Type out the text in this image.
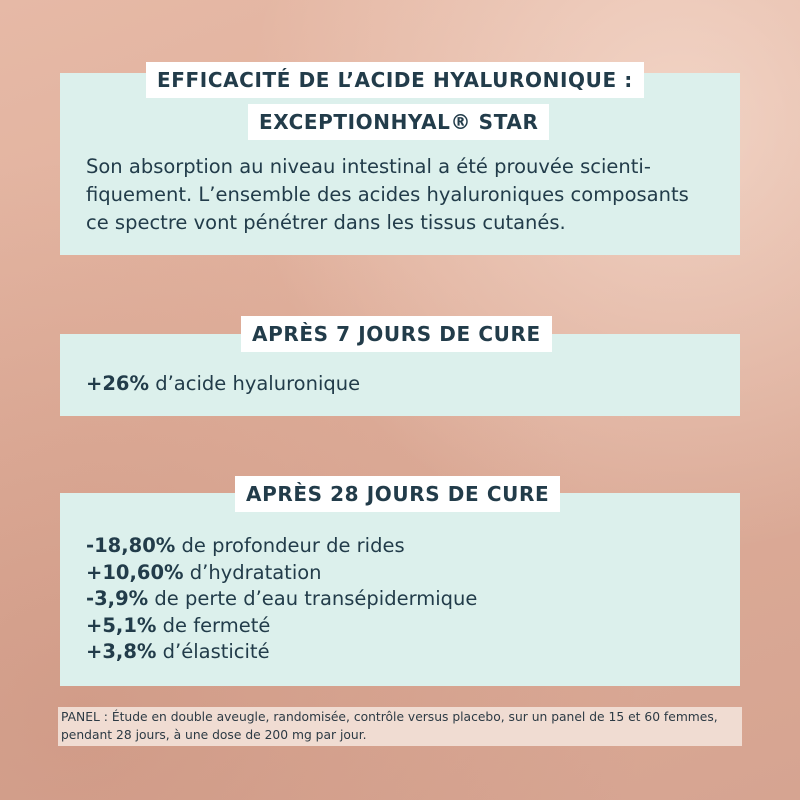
EFFICACITÉ DE L’ACIDE HYALURONIQUE :
EXCEPTIONHYAL® STAR

Son absorption au niveau intestinal a été prouvée scienti-
fiquement. L’ensemble des acides hyaluroniques composants
ce spectre vont pénétrer dans les tissus cutanés.

APRÈS 7 JOURS DE CURE
+26% d’acide hyaluronique
APRÈS 28 JOURS DE CURE
-18,80% de profondeur de rides
+10,60% d’hydratation
-3,9% de perte d’eau transépidermique
+5,1% de fermeté
+3,8% d’élasticité
PANEL : Étude en double aveugle, randomisée, contrôle versus placebo, sur un panel de 15 et 60 femmes, pendant 28 jours, à une dose de 200 mg par jour.
